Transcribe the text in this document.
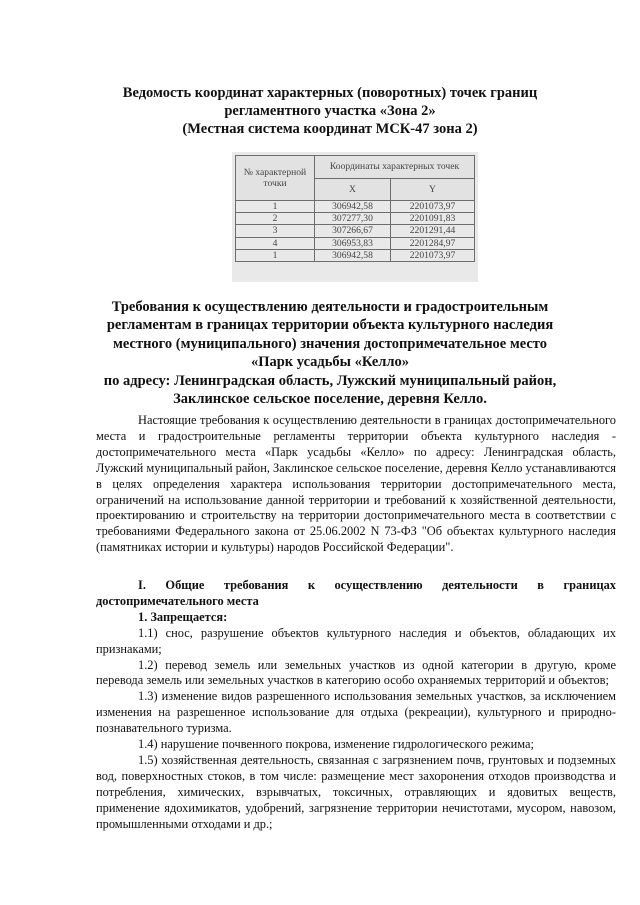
Ведомость координат характерных (поворотных) точек границ
регламентного участка «Зона 2»
(Местная система координат МСК-47 зона 2)
№ характерной точки	Координаты характерных точек	
	X	Y
1	306942,58	2201073,97
2	307277,30	2201091,83
3	307266,67	2201291,44
4	306953,83	2201284,97
1	306942,58	2201073,97
Требования к осуществлению деятельности и градостроительным
регламентам в границах территории объекта культурного наследия
местного (муниципального) значения достопримечательное место
«Парк усадьбы «Келло»
по адресу: Ленинградская область, Лужский муниципальный район,
Заклинское сельское поселение, деревня Келло.

Настоящие требования к осуществлению деятельности в границах достопримечательного места и градостроительные регламенты территории объекта культурного наследия - достопримечательного места «Парк усадьбы «Келло» по адресу: Ленинградская область, Лужский муниципальный район, Заклинское сельское поселение, деревня Келло устанавливаются в целях определения характера использования территории достопримечательного места, ограничений на использование данной территории и требований к хозяйственной деятельности, проектированию и строительству на территории достопримечательного места в соответствии с требованиями Федерального закона от 25.06.2002 N 73-ФЗ "Об объектах культурного наследия (памятниках истории и культуры) народов Российской Федерации".

I. Общие требования к осуществлению деятельности в границах достопримечательного места

1. Запрещается:

1.1) снос, разрушение объектов культурного наследия и объектов, обладающих их признаками;

1.2) перевод земель или земельных участков из одной категории в другую, кроме перевода земель или земельных участков в категорию особо охраняемых территорий и объектов;

1.3) изменение видов разрешенного использования земельных участков, за исключением изменения на разрешенное использование для отдыха (рекреации), культурного и природно-познавательного туризма.

1.4) нарушение почвенного покрова, изменение гидрологического режима;

1.5) хозяйственная деятельность, связанная с загрязнением почв, грунтовых и подземных вод, поверхностных стоков, в том числе: размещение мест захоронения отходов производства и потребления, химических, взрывчатых, токсичных, отравляющих и ядовитых веществ, применение ядохимикатов, удобрений, загрязнение территории нечистотами, мусором, навозом, промышленными отходами и др.;
